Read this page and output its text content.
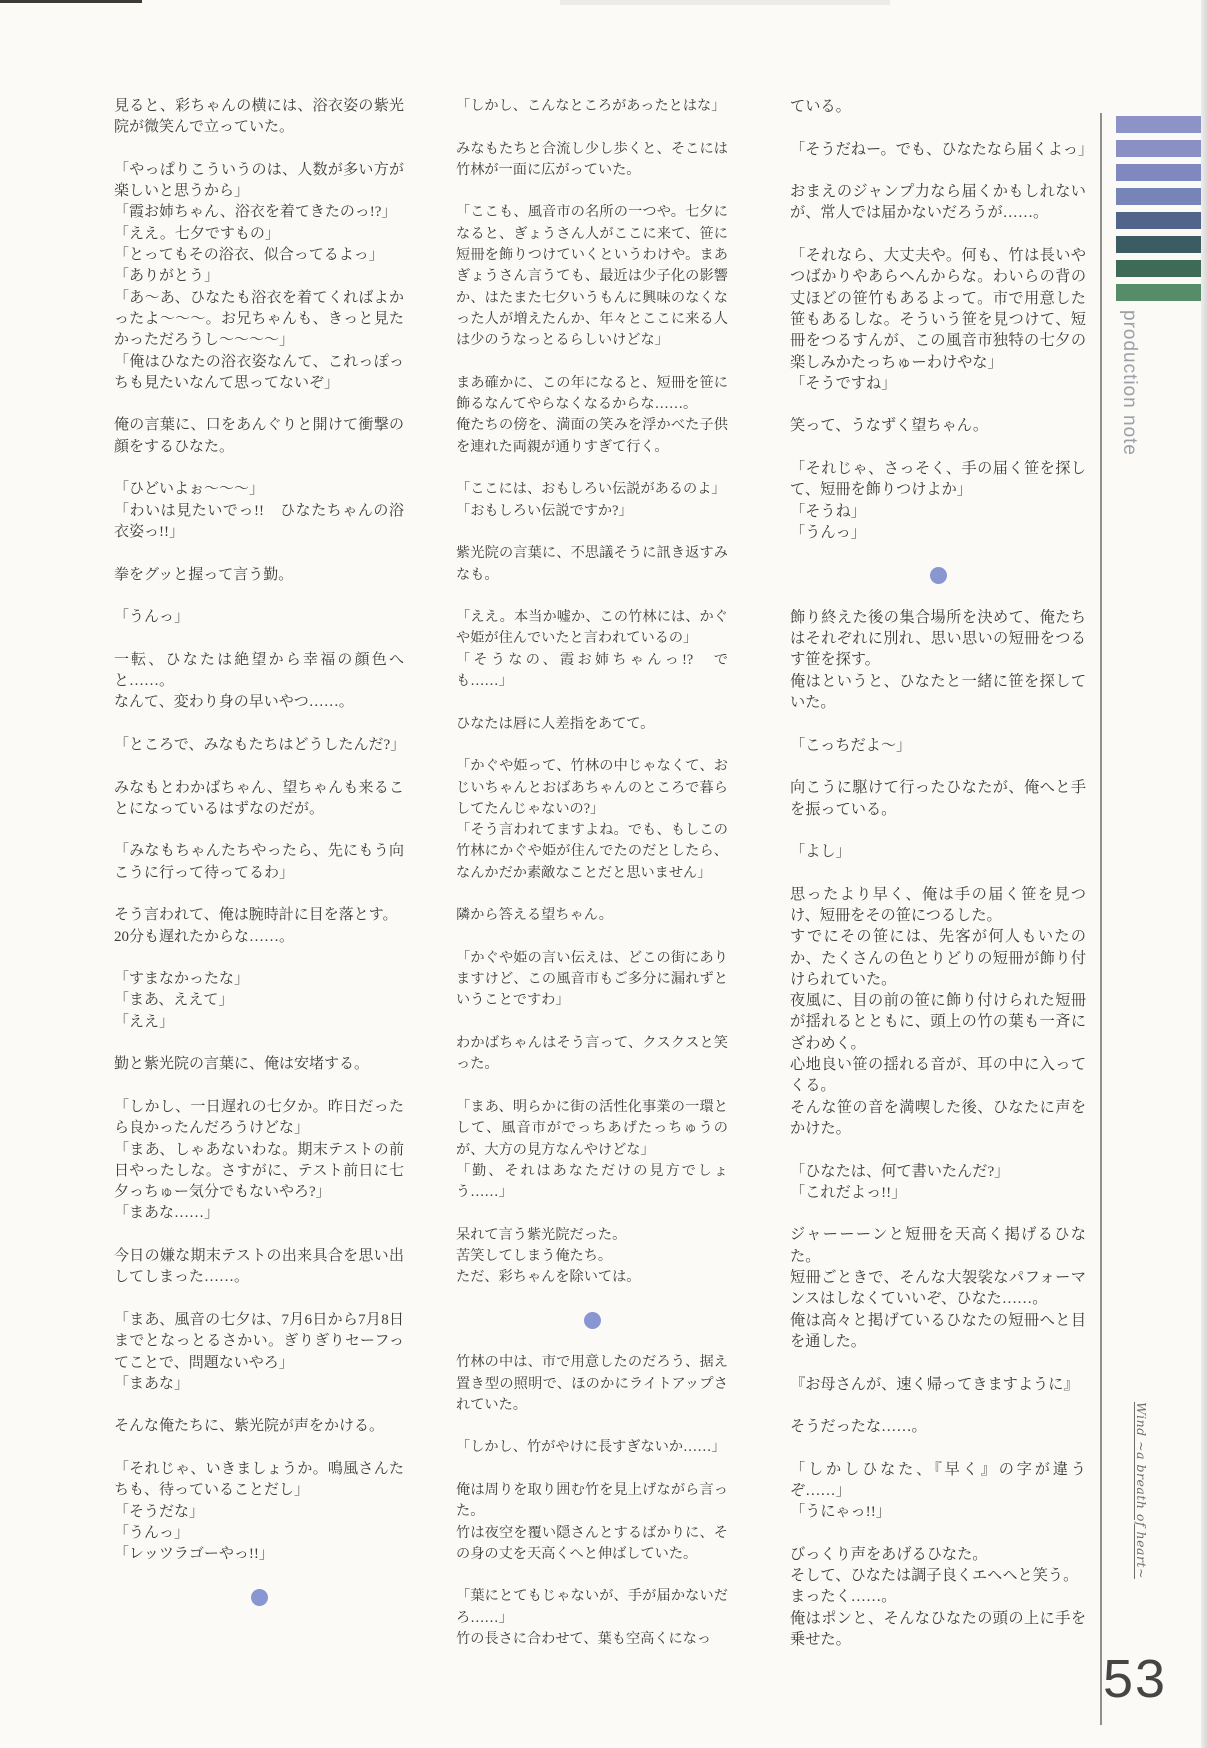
見ると、彩ちゃんの横には、浴衣姿の紫光院が微笑んで立っていた。

「やっぱりこういうのは、人数が多い方が楽しいと思うから」

「霞お姉ちゃん、浴衣を着てきたのっ!?」

「ええ。七夕ですもの」

「とってもその浴衣、似合ってるよっ」

「ありがとう」

「あ〜あ、ひなたも浴衣を着てくればよかったよ〜〜〜。お兄ちゃんも、きっと見たかっただろうし〜〜〜〜」

「俺はひなたの浴衣姿なんて、これっぽっちも見たいなんて思ってないぞ」

俺の言葉に、口をあんぐりと開けて衝撃の顔をするひなた。

「ひどいよぉ〜〜〜」

「わいは見たいでっ!!　ひなたちゃんの浴衣姿っ!!」

拳をグッと握って言う勤。

「うんっ」

一転、ひなたは絶望から幸福の顔色へと……。

なんて、変わり身の早いやつ……。

「ところで、みなもたちはどうしたんだ?」

みなもとわかばちゃん、望ちゃんも来ることになっているはずなのだが。

「みなもちゃんたちやったら、先にもう向こうに行って待ってるわ」

そう言われて、俺は腕時計に目を落とす。

20分も遅れたからな……。

「すまなかったな」

「まあ、ええて」

「ええ」

勤と紫光院の言葉に、俺は安堵する。

「しかし、一日遅れの七夕か。昨日だったら良かったんだろうけどな」

「まあ、しゃあないわな。期末テストの前日やったしな。さすがに、テスト前日に七夕っちゅー気分でもないやろ?」

「まあな……」

今日の嫌な期末テストの出来具合を思い出してしまった……。

「まあ、風音の七夕は、7月6日から7月8日までとなっとるさかい。ぎりぎりセーフってことで、問題ないやろ」

「まあな」

そんな俺たちに、紫光院が声をかける。

「それじゃ、いきましょうか。鳴風さんたちも、待っていることだし」

「そうだな」

「うんっ」

「レッツラゴーやっ!!」

「しかし、こんなところがあったとはな」

みなもたちと合流し少し歩くと、そこには竹林が一面に広がっていた。

「ここも、風音市の名所の一つや。七夕になると、ぎょうさん人がここに来て、笹に短冊を飾りつけていくというわけや。まあぎょうさん言うても、最近は少子化の影響か、はたまた七夕いうもんに興味のなくなった人が増えたんか、年々とここに来る人は少のうなっとるらしいけどな」

まあ確かに、この年になると、短冊を笹に飾るなんてやらなくなるからな……。

俺たちの傍を、満面の笑みを浮かべた子供を連れた両親が通りすぎて行く。

「ここには、おもしろい伝説があるのよ」

「おもしろい伝説ですか?」

紫光院の言葉に、不思議そうに訊き返すみなも。

「ええ。本当か嘘か、この竹林には、かぐや姫が住んでいたと言われているの」

「そうなの、霞お姉ちゃんっ!?　でも……」

ひなたは唇に人差指をあてて。

「かぐや姫って、竹林の中じゃなくて、おじいちゃんとおばあちゃんのところで暮らしてたんじゃないの?」

「そう言われてますよね。でも、もしこの竹林にかぐや姫が住んでたのだとしたら、なんかだか素敵なことだと思いません」

隣から答える望ちゃん。

「かぐや姫の言い伝えは、どこの街にありますけど、この風音市もご多分に漏れずということですわ」

わかばちゃんはそう言って、クスクスと笑った。

「まあ、明らかに街の活性化事業の一環として、風音市がでっちあげたっちゅうのが、大方の見方なんやけどな」

「勤、それはあなただけの見方でしょう……」

呆れて言う紫光院だった。

苦笑してしまう俺たち。

ただ、彩ちゃんを除いては。

竹林の中は、市で用意したのだろう、据え置き型の照明で、ほのかにライトアップされていた。

「しかし、竹がやけに長すぎないか……」

俺は周りを取り囲む竹を見上げながら言った。

竹は夜空を覆い隠さんとするばかりに、その身の丈を天高くへと伸ばしていた。

「葉にとてもじゃないが、手が届かないだろ……」

竹の長さに合わせて、葉も空高くになっ

ている。

「そうだねー。でも、ひなたなら届くよっ」

おまえのジャンプ力なら届くかもしれないが、常人では届かないだろうが……。

「それなら、大丈夫や。何も、竹は長いやつばかりやあらへんからな。わいらの背の丈ほどの笹竹もあるよって。市で用意した笹もあるしな。そういう笹を見つけて、短冊をつるすんが、この風音市独特の七夕の楽しみかたっちゅーわけやな」

「そうですね」

笑って、うなずく望ちゃん。

「それじゃ、さっそく、手の届く笹を探して、短冊を飾りつけよか」

「そうね」

「うんっ」

飾り終えた後の集合場所を決めて、俺たちはそれぞれに別れ、思い思いの短冊をつるす笹を探す。

俺はというと、ひなたと一緒に笹を探していた。

「こっちだよ〜」

向こうに駆けて行ったひなたが、俺へと手を振っている。

「よし」

思ったより早く、俺は手の届く笹を見つけ、短冊をその笹につるした。

すでにその笹には、先客が何人もいたのか、たくさんの色とりどりの短冊が飾り付けられていた。

夜風に、目の前の笹に飾り付けられた短冊が揺れるとともに、頭上の竹の葉も一斉にざわめく。

心地良い笹の揺れる音が、耳の中に入ってくる。

そんな笹の音を満喫した後、ひなたに声をかけた。

「ひなたは、何て書いたんだ?」

「これだよっ!!」

ジャーーーンと短冊を天高く掲げるひなた。

短冊ごときで、そんな大袈裟なパフォーマンスはしなくていいぞ、ひなた……。

俺は高々と掲げているひなたの短冊へと目を通した。

『お母さんが、速く帰ってきますように』

そうだったな……。

「しかしひなた、『早く』の字が違うぞ……」

「うにゃっ!!」

びっくり声をあげるひなた。

そして、ひなたは調子良くエヘヘと笑う。

まったく……。

俺はポンと、そんなひなたの頭の上に手を乗せた。

production note
Wind ~a breath of heart~
53
